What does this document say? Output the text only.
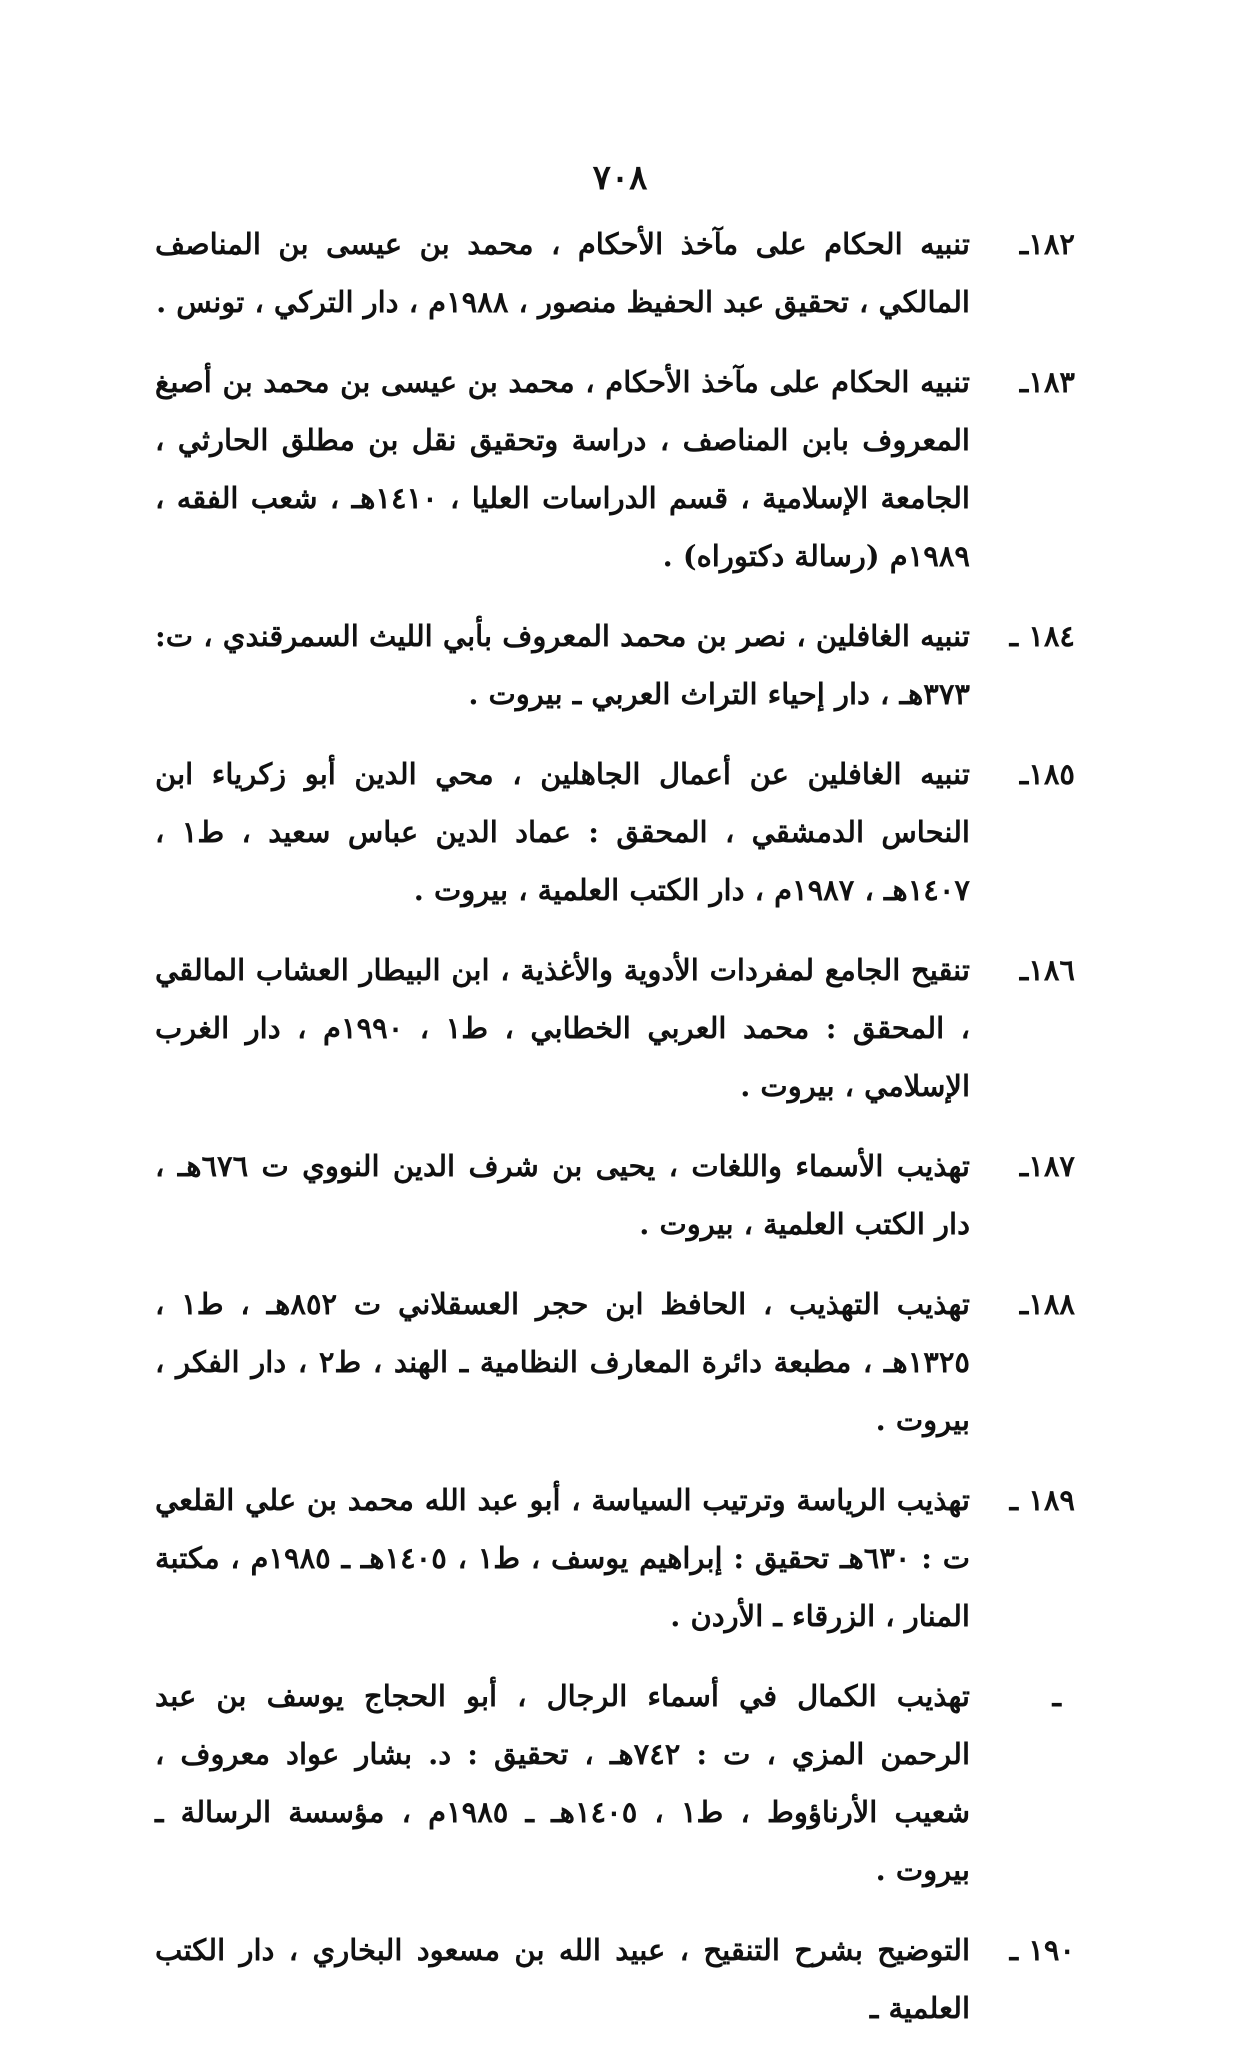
٧٠٨
١٨٢ـ
تنبيه الحكام على مآخذ الأحكام ، محمد بن عيسى بن المناصف المالكي ، تحقيق عبد الحفيظ منصور ، ١٩٨٨م ، دار التركي ، تونس .
١٨٣ـ
تنبيه الحكام على مآخذ الأحكام ، محمد بن عيسى بن محمد بن أصبغ المعروف بابن المناصف ، دراسة وتحقيق نقل بن مطلق الحارثي ، الجامعة الإسلامية ، قسم الدراسات العليا ، ١٤١٠هـ ، شعب الفقه ، ١٩٨٩م (رسالة دكتوراه) .
١٨٤ ـ
تنبيه الغافلين ، نصر بن محمد المعروف بأبي الليث السمرقندي ، ت: ٣٧٣هـ ، دار إحياء التراث العربي ـ بيروت .
١٨٥ـ
تنبيه الغافلين عن أعمال الجاهلين ، محي الدين أبو زكرياء ابن النحاس الدمشقي ، المحقق : عماد الدين عباس سعيد ، ط١ ، ١٤٠٧هـ ، ١٩٨٧م ، دار الكتب العلمية ، بيروت .
١٨٦ـ
تنقيح الجامع لمفردات الأدوية والأغذية ، ابن البيطار العشاب المالقي ، المحقق : محمد العربي الخطابي ، ط١ ، ١٩٩٠م ، دار الغرب الإسلامي ، بيروت .
١٨٧ـ
تهذيب الأسماء واللغات ، يحيى بن شرف الدين النووي ت ٦٧٦هـ ، دار الكتب العلمية ، بيروت .
١٨٨ـ
تهذيب التهذيب ، الحافظ ابن حجر العسقلاني ت ٨٥٢هـ ، ط١ ، ١٣٢٥هـ ، مطبعة دائرة المعارف النظامية ـ الهند ، ط٢ ، دار الفكر ، بيروت .
١٨٩ ـ
تهذيب الرياسة وترتيب السياسة ، أبو عبد الله محمد بن علي القلعي ت : ٦٣٠هـ تحقيق : إبراهيم يوسف ، ط١ ، ١٤٠٥هـ ـ ١٩٨٥م ، مكتبة المنار ، الزرقاء ـ الأردن .
ـ
تهذيب الكمال في أسماء الرجال ، أبو الحجاج يوسف بن عبد الرحمن المزي ، ت : ٧٤٢هـ ، تحقيق : د. بشار عواد معروف ، شعيب الأرناؤوط ، ط١ ، ١٤٠٥هـ ـ ١٩٨٥م ، مؤسسة الرسالة ـ بيروت .
١٩٠ ـ
التوضيح بشرح التنقيح ، عبيد الله بن مسعود البخاري ، دار الكتب العلمية ـ
